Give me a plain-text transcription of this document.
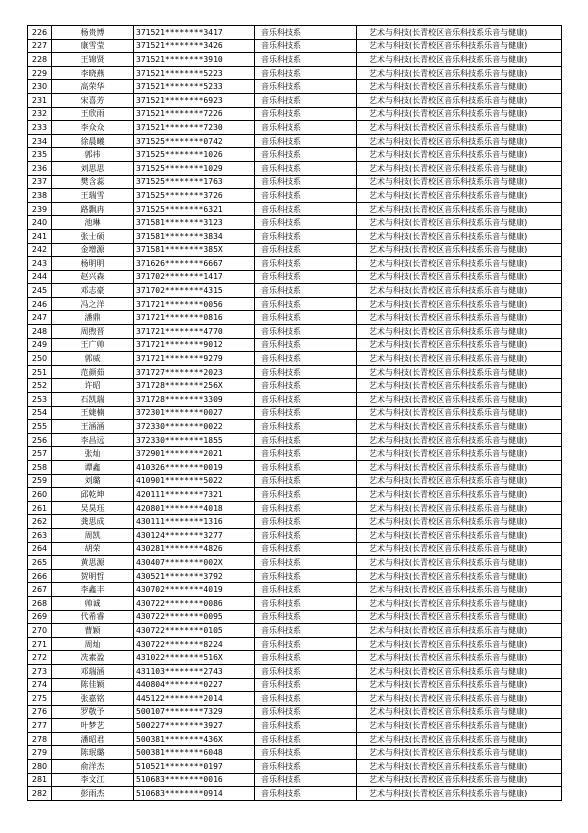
226	杨贵博	371521********3417	音乐科技系	艺术与科技(长青校区音乐科技系乐音与健康)
227	康雪莹	371521********3426	音乐科技系	艺术与科技(长青校区音乐科技系乐音与健康)
228	王锦贤	371521********3910	音乐科技系	艺术与科技(长青校区音乐科技系乐音与健康)
229	李晓燕	371521********5223	音乐科技系	艺术与科技(长青校区音乐科技系乐音与健康)
230	高荣华	371521********5233	音乐科技系	艺术与科技(长青校区音乐科技系乐音与健康)
231	宋喜芳	371521********6923	音乐科技系	艺术与科技(长青校区音乐科技系乐音与健康)
232	王欣雨	371521********7226	音乐科技系	艺术与科技(长青校区音乐科技系乐音与健康)
233	李众众	371521********7230	音乐科技系	艺术与科技(长青校区音乐科技系乐音与健康)
234	徐晨曦	371525********0742	音乐科技系	艺术与科技(长青校区音乐科技系乐音与健康)
235	郭祎	371525********1026	音乐科技系	艺术与科技(长青校区音乐科技系乐音与健康)
236	刘思思	371525********1029	音乐科技系	艺术与科技(长青校区音乐科技系乐音与健康)
237	樊含蕊	371525********1763	音乐科技系	艺术与科技(长青校区音乐科技系乐音与健康)
238	王瑞雪	371525********3726	音乐科技系	艺术与科技(长青校区音乐科技系乐音与健康)
239	路飘冉	371525********6321	音乐科技系	艺术与科技(长青校区音乐科技系乐音与健康)
240	池琳	371581********3123	音乐科技系	艺术与科技(长青校区音乐科技系乐音与健康)
241	张士硕	371581********3834	音乐科技系	艺术与科技(长青校区音乐科技系乐音与健康)
242	金增源	371581********385X	音乐科技系	艺术与科技(长青校区音乐科技系乐音与健康)
243	杨明明	371626********6667	音乐科技系	艺术与科技(长青校区音乐科技系乐音与健康)
244	赵兴森	371702********1417	音乐科技系	艺术与科技(长青校区音乐科技系乐音与健康)
245	邓志豪	371702********4315	音乐科技系	艺术与科技(长青校区音乐科技系乐音与健康)
246	冯之洋	371721********0056	音乐科技系	艺术与科技(长青校区音乐科技系乐音与健康)
247	潘鼎	371721********0816	音乐科技系	艺术与科技(长青校区音乐科技系乐音与健康)
248	周煦晋	371721********4770	音乐科技系	艺术与科技(长青校区音乐科技系乐音与健康)
249	王广帅	371721********9012	音乐科技系	艺术与科技(长青校区音乐科技系乐音与健康)
250	郭威	371721********9279	音乐科技系	艺术与科技(长青校区音乐科技系乐音与健康)
251	范颜茹	371727********2023	音乐科技系	艺术与科技(长青校区音乐科技系乐音与健康)
252	许昭	371728********256X	音乐科技系	艺术与科技(长青校区音乐科技系乐音与健康)
253	石凯瑞	371728********3309	音乐科技系	艺术与科技(长青校区音乐科技系乐音与健康)
254	王婕楠	372301********0027	音乐科技系	艺术与科技(长青校区音乐科技系乐音与健康)
255	王涵涵	372330********0022	音乐科技系	艺术与科技(长青校区音乐科技系乐音与健康)
256	李昌远	372330********1855	音乐科技系	艺术与科技(长青校区音乐科技系乐音与健康)
257	张灿	372901********2021	音乐科技系	艺术与科技(长青校区音乐科技系乐音与健康)
258	谭鑫	410326********0019	音乐科技系	艺术与科技(长青校区音乐科技系乐音与健康)
259	刘璐	410901********5022	音乐科技系	艺术与科技(长青校区音乐科技系乐音与健康)
260	邱乾坤	420111********7321	音乐科技系	艺术与科技(长青校区音乐科技系乐音与健康)
261	吴昊珏	420801********4018	音乐科技系	艺术与科技(长青校区音乐科技系乐音与健康)
262	龚思成	430111********1316	音乐科技系	艺术与科技(长青校区音乐科技系乐音与健康)
263	周凯	430124********3277	音乐科技系	艺术与科技(长青校区音乐科技系乐音与健康)
264	胡荣	430281********4826	音乐科技系	艺术与科技(长青校区音乐科技系乐音与健康)
265	黄思源	430407********002X	音乐科技系	艺术与科技(长青校区音乐科技系乐音与健康)
266	贺明哲	430521********3792	音乐科技系	艺术与科技(长青校区音乐科技系乐音与健康)
267	李鑫丰	430702********4019	音乐科技系	艺术与科技(长青校区音乐科技系乐音与健康)
268	帅诚	430722********0086	音乐科技系	艺术与科技(长青校区音乐科技系乐音与健康)
269	代希睿	430722********0095	音乐科技系	艺术与科技(长青校区音乐科技系乐音与健康)
270	曹颖	430722********0105	音乐科技系	艺术与科技(长青校区音乐科技系乐音与健康)
271	周灿	430722********8224	音乐科技系	艺术与科技(长青校区音乐科技系乐音与健康)
272	冼素盈	431022********516X	音乐科技系	艺术与科技(长青校区音乐科技系乐音与健康)
273	邓瑞涵	431103********2743	音乐科技系	艺术与科技(长青校区音乐科技系乐音与健康)
274	陈佳颖	440804********0227	音乐科技系	艺术与科技(长青校区音乐科技系乐音与健康)
275	张嘉铭	445122********2014	音乐科技系	艺术与科技(长青校区音乐科技系乐音与健康)
276	罗敬予	500107********7329	音乐科技系	艺术与科技(长青校区音乐科技系乐音与健康)
277	叶梦艺	500227********3927	音乐科技系	艺术与科技(长青校区音乐科技系乐音与健康)
278	潘昭君	500381********436X	音乐科技系	艺术与科技(长青校区音乐科技系乐音与健康)
279	陈珉璐	500381********6048	音乐科技系	艺术与科技(长青校区音乐科技系乐音与健康)
280	俞洋杰	510521********0197	音乐科技系	艺术与科技(长青校区音乐科技系乐音与健康)
281	李文江	510683********0016	音乐科技系	艺术与科技(长青校区音乐科技系乐音与健康)
282	彭雨杰	510683********0914	音乐科技系	艺术与科技(长青校区音乐科技系乐音与健康)
